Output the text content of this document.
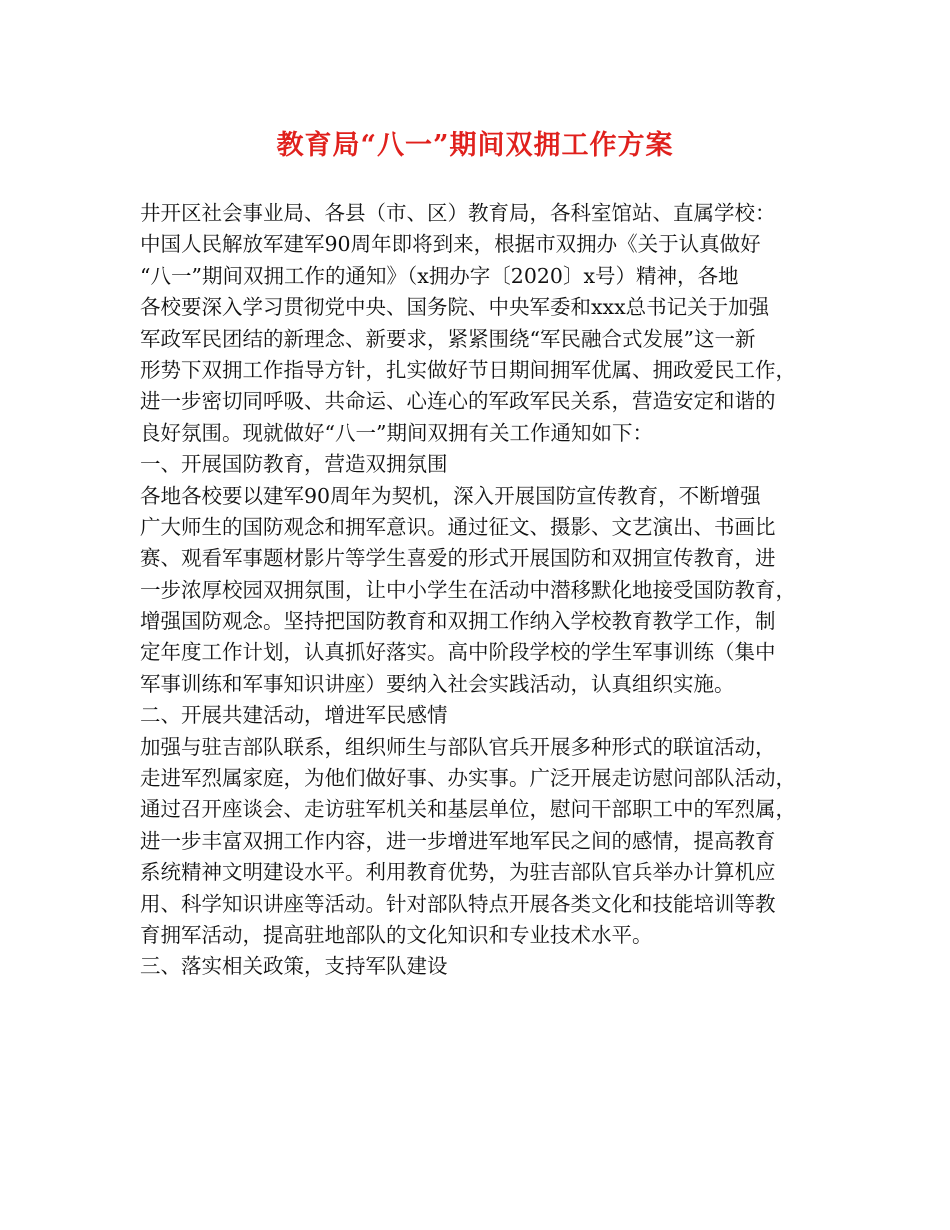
教育局“八一”期间双拥工作方案
井开区社会事业局、各县（市、区）教育局，各科室馆站、直属学校：
中国人民解放军建军90周年即将到来，根据市双拥办《关于认真做好
“八一”期间双拥工作的通知》（x拥办字〔2020〕x号）精神，各地
各校要深入学习贯彻党中央、国务院、中央军委和xxx总书记关于加强
军政军民团结的新理念、新要求，紧紧围绕“军民融合式发展”这一新
形势下双拥工作指导方针，扎实做好节日期间拥军优属、拥政爱民工作，
进一步密切同呼吸、共命运、心连心的军政军民关系，营造安定和谐的
良好氛围。现就做好“八一”期间双拥有关工作通知如下：
一、开展国防教育，营造双拥氛围
各地各校要以建军90周年为契机，深入开展国防宣传教育，不断增强
广大师生的国防观念和拥军意识。通过征文、摄影、文艺演出、书画比
赛、观看军事题材影片等学生喜爱的形式开展国防和双拥宣传教育，进
一步浓厚校园双拥氛围，让中小学生在活动中潜移默化地接受国防教育，
增强国防观念。坚持把国防教育和双拥工作纳入学校教育教学工作，制
定年度工作计划，认真抓好落实。高中阶段学校的学生军事训练（集中
军事训练和军事知识讲座）要纳入社会实践活动，认真组织实施。
二、开展共建活动，增进军民感情
加强与驻吉部队联系，组织师生与部队官兵开展多种形式的联谊活动，
走进军烈属家庭，为他们做好事、办实事。广泛开展走访慰问部队活动，
通过召开座谈会、走访驻军机关和基层单位，慰问干部职工中的军烈属，
进一步丰富双拥工作内容，进一步增进军地军民之间的感情，提高教育
系统精神文明建设水平。利用教育优势，为驻吉部队官兵举办计算机应
用、科学知识讲座等活动。针对部队特点开展各类文化和技能培训等教
育拥军活动，提高驻地部队的文化知识和专业技术水平。
三、落实相关政策，支持军队建设
